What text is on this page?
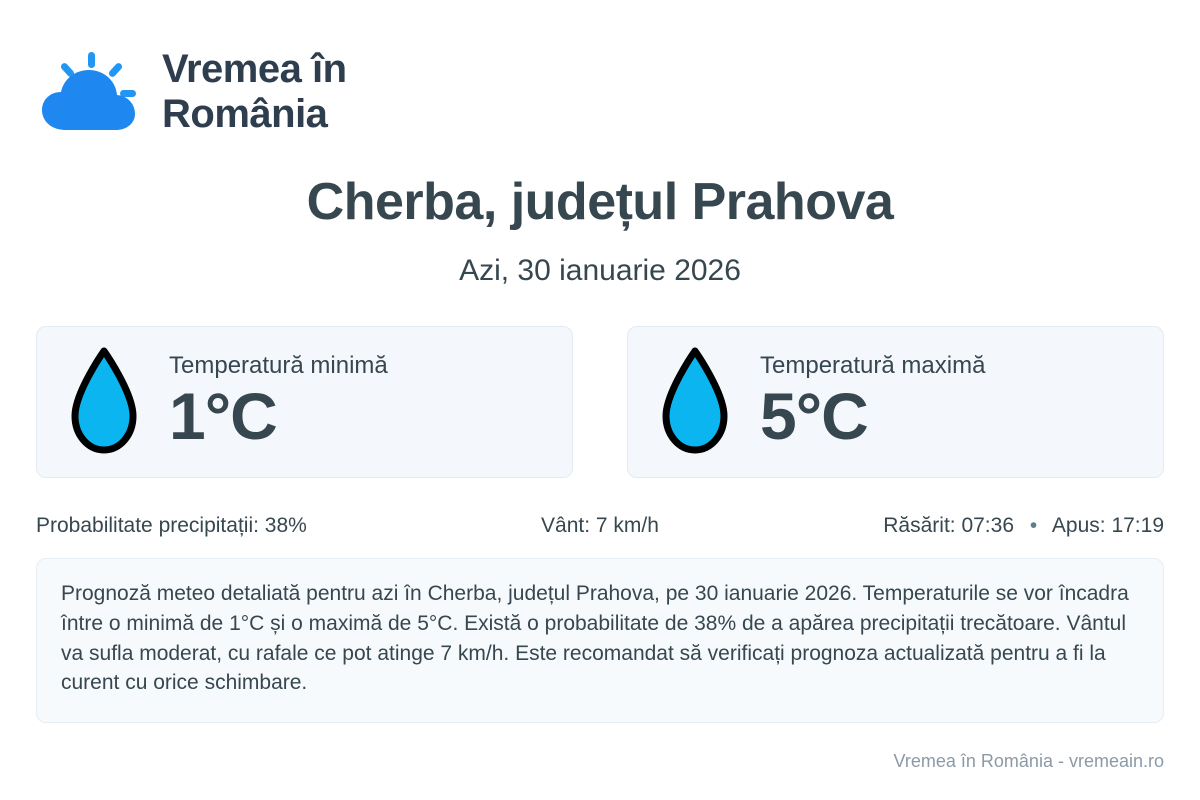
Vremea în
România
Cherba, județul Prahova
Azi, 30 ianuarie 2026
Temperatură minimă
1°C
Temperatură maximă
5°C
Probabilitate precipitații: 38%	Vânt: 7 km/h	Răsărit: 07:36 • Apus: 17:19
Prognoză meteo detaliată pentru azi în Cherba, județul Prahova, pe 30 ianuarie 2026. Temperaturile se vor încadra între o minimă de 1°C și o maximă de 5°C. Există o probabilitate de 38% de a apărea precipitații trecătoare. Vântul va sufla moderat, cu rafale ce pot atinge 7 km/h. Este recomandat să verificați prognoza actualizată pentru a fi la curent cu orice schimbare.
Vremea în România - vremeain.ro
